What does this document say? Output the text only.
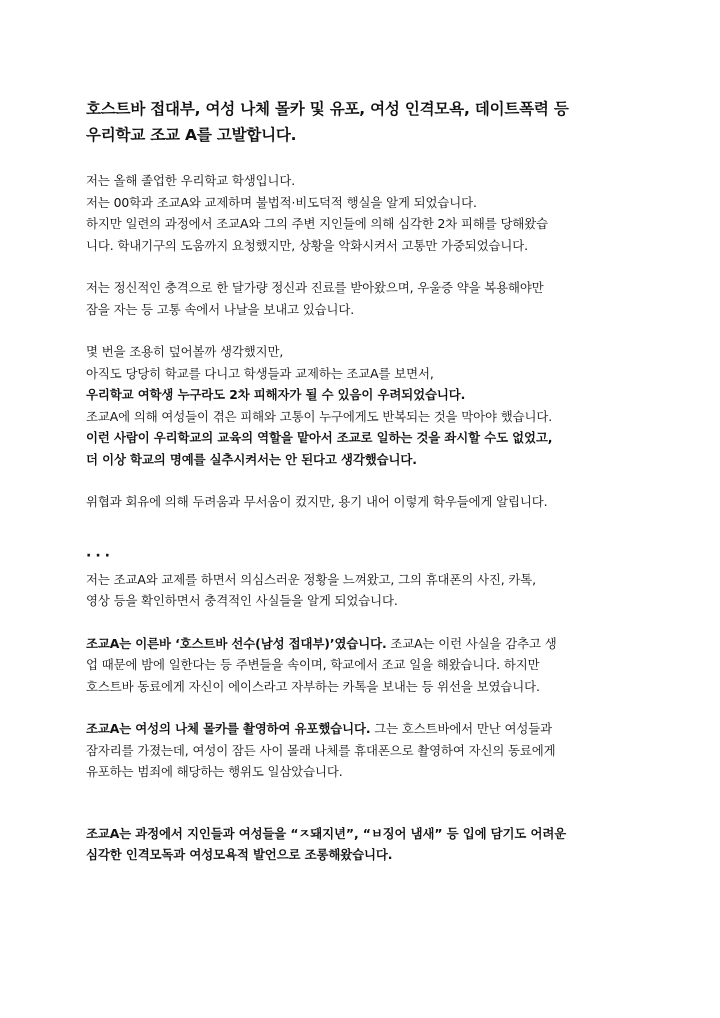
호스트바 접대부, 여성 나체 몰카 및 유포, 여성 인격모욕, 데이트폭력 등
우리학교 조교 A를 고발합니다.
저는 올해 졸업한 우리학교 학생입니다.
저는 00학과 조교A와 교제하며 불법적·비도덕적 행실을 알게 되었습니다.
하지만 일련의 과정에서 조교A와 그의 주변 지인들에 의해 심각한 2차 피해를 당해왔습
니다. 학내기구의 도움까지 요청했지만, 상황을 악화시켜서 고통만 가중되었습니다.
저는 정신적인 충격으로 한 달가량 정신과 진료를 받아왔으며, 우울증 약을 복용해야만
잠을 자는 등 고통 속에서 나날을 보내고 있습니다.
몇 번을 조용히 덮어볼까 생각했지만,
아직도 당당히 학교를 다니고 학생들과 교제하는 조교A를 보면서,
우리학교 여학생 누구라도 2차 피해자가 될 수 있음이 우려되었습니다.
조교A에 의해 여성들이 겪은 피해와 고통이 누구에게도 반복되는 것을 막아야 했습니다.
이런 사람이 우리학교의 교육의 역할을 맡아서 조교로 일하는 것을 좌시할 수도 없었고,
더 이상 학교의 명예를 실추시켜서는 안 된다고 생각했습니다.
위협과 회유에 의해 두려움과 무서움이 컸지만, 용기 내어 이렇게 학우들에게 알립니다.
···
저는 조교A와 교제를 하면서 의심스러운 정황을 느껴왔고, 그의 휴대폰의 사진, 카톡,
영상 등을 확인하면서 충격적인 사실들을 알게 되었습니다.
조교A는 이른바 ‘호스트바 선수(남성 접대부)’였습니다. 조교A는 이런 사실을 감추고 생
업 때문에 밤에 일한다는 등 주변들을 속이며, 학교에서 조교 일을 해왔습니다. 하지만
호스트바 동료에게 자신이 에이스라고 자부하는 카톡을 보내는 등 위선을 보였습니다.
조교A는 여성의 나체 몰카를 촬영하여 유포했습니다. 그는 호스트바에서 만난 여성들과
잠자리를 가졌는데, 여성이 잠든 사이 몰래 나체를 휴대폰으로 촬영하여 자신의 동료에게
유포하는 범죄에 해당하는 행위도 일삼았습니다.
조교A는 과정에서 지인들과 여성들을 “ㅈ돼지년”, “ㅂ징어 냄새” 등 입에 담기도 어려운
심각한 인격모독과 여성모욕적 발언으로 조롱해왔습니다.
